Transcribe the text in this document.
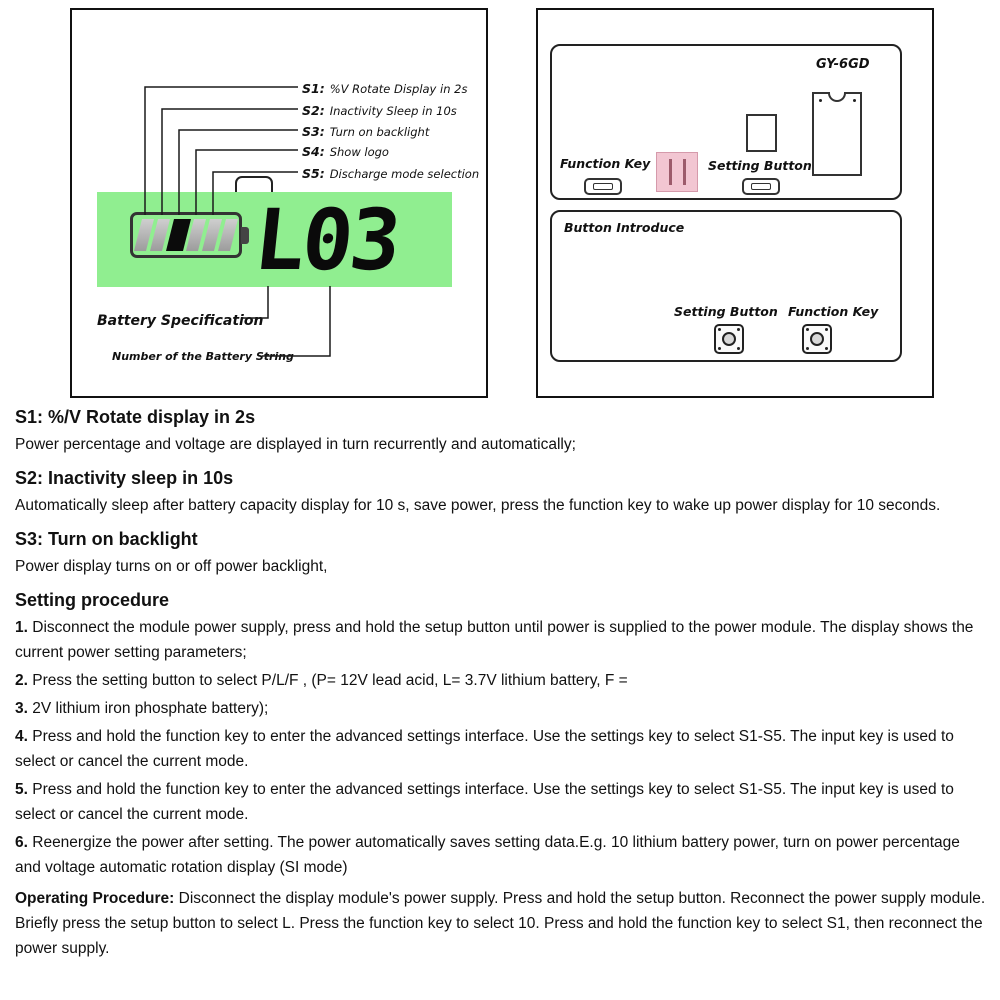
S1: %V Rotate Display in 2s
S2: Inactivity Sleep in 10s
S3: Turn on backlight
S4: Show logo
S5: Discharge mode selection
L03
Battery Specification
Number of the Battery String
GY-6GD
Function Key	Setting Button
Button Introduce
Setting Button Function Key
S1: %/V Rotate display in 2s

Power percentage and voltage are displayed in turn recurrently and automatically;

S2: Inactivity sleep in 10s

Automatically sleep after battery capacity display for 10 s, save power, press the function key to wake up power display for 10 seconds.

S3: Turn on backlight

Power display turns on or off power backlight,

Setting procedure

1. Disconnect the module power supply, press and hold the setup button until power is supplied to the power module. The display shows the current power setting parameters;

2. Press the setting button to select P/L/F , (P= 12V lead acid, L= 3.7V lithium battery, F =

3. 2V lithium iron phosphate battery);

4. Press and hold the function key to enter the advanced settings interface. Use the settings key to select S1-S5. The input key is used to select or cancel the current mode.

5. Press and hold the function key to enter the advanced settings interface. Use the settings key to select S1-S5. The input key is used to select or cancel the current mode.

6. Reenergize the power after setting. The power automatically saves setting data.E.g. 10 lithium battery power, turn on power percentage and voltage automatic rotation display (SI mode)

Operating Procedure: Disconnect the display module's power supply. Press and hold the setup button. Reconnect the power supply module. Briefly press the setup button to select L. Press the function key to select 10. Press and hold the function key to select S1, then reconnect the power supply.
